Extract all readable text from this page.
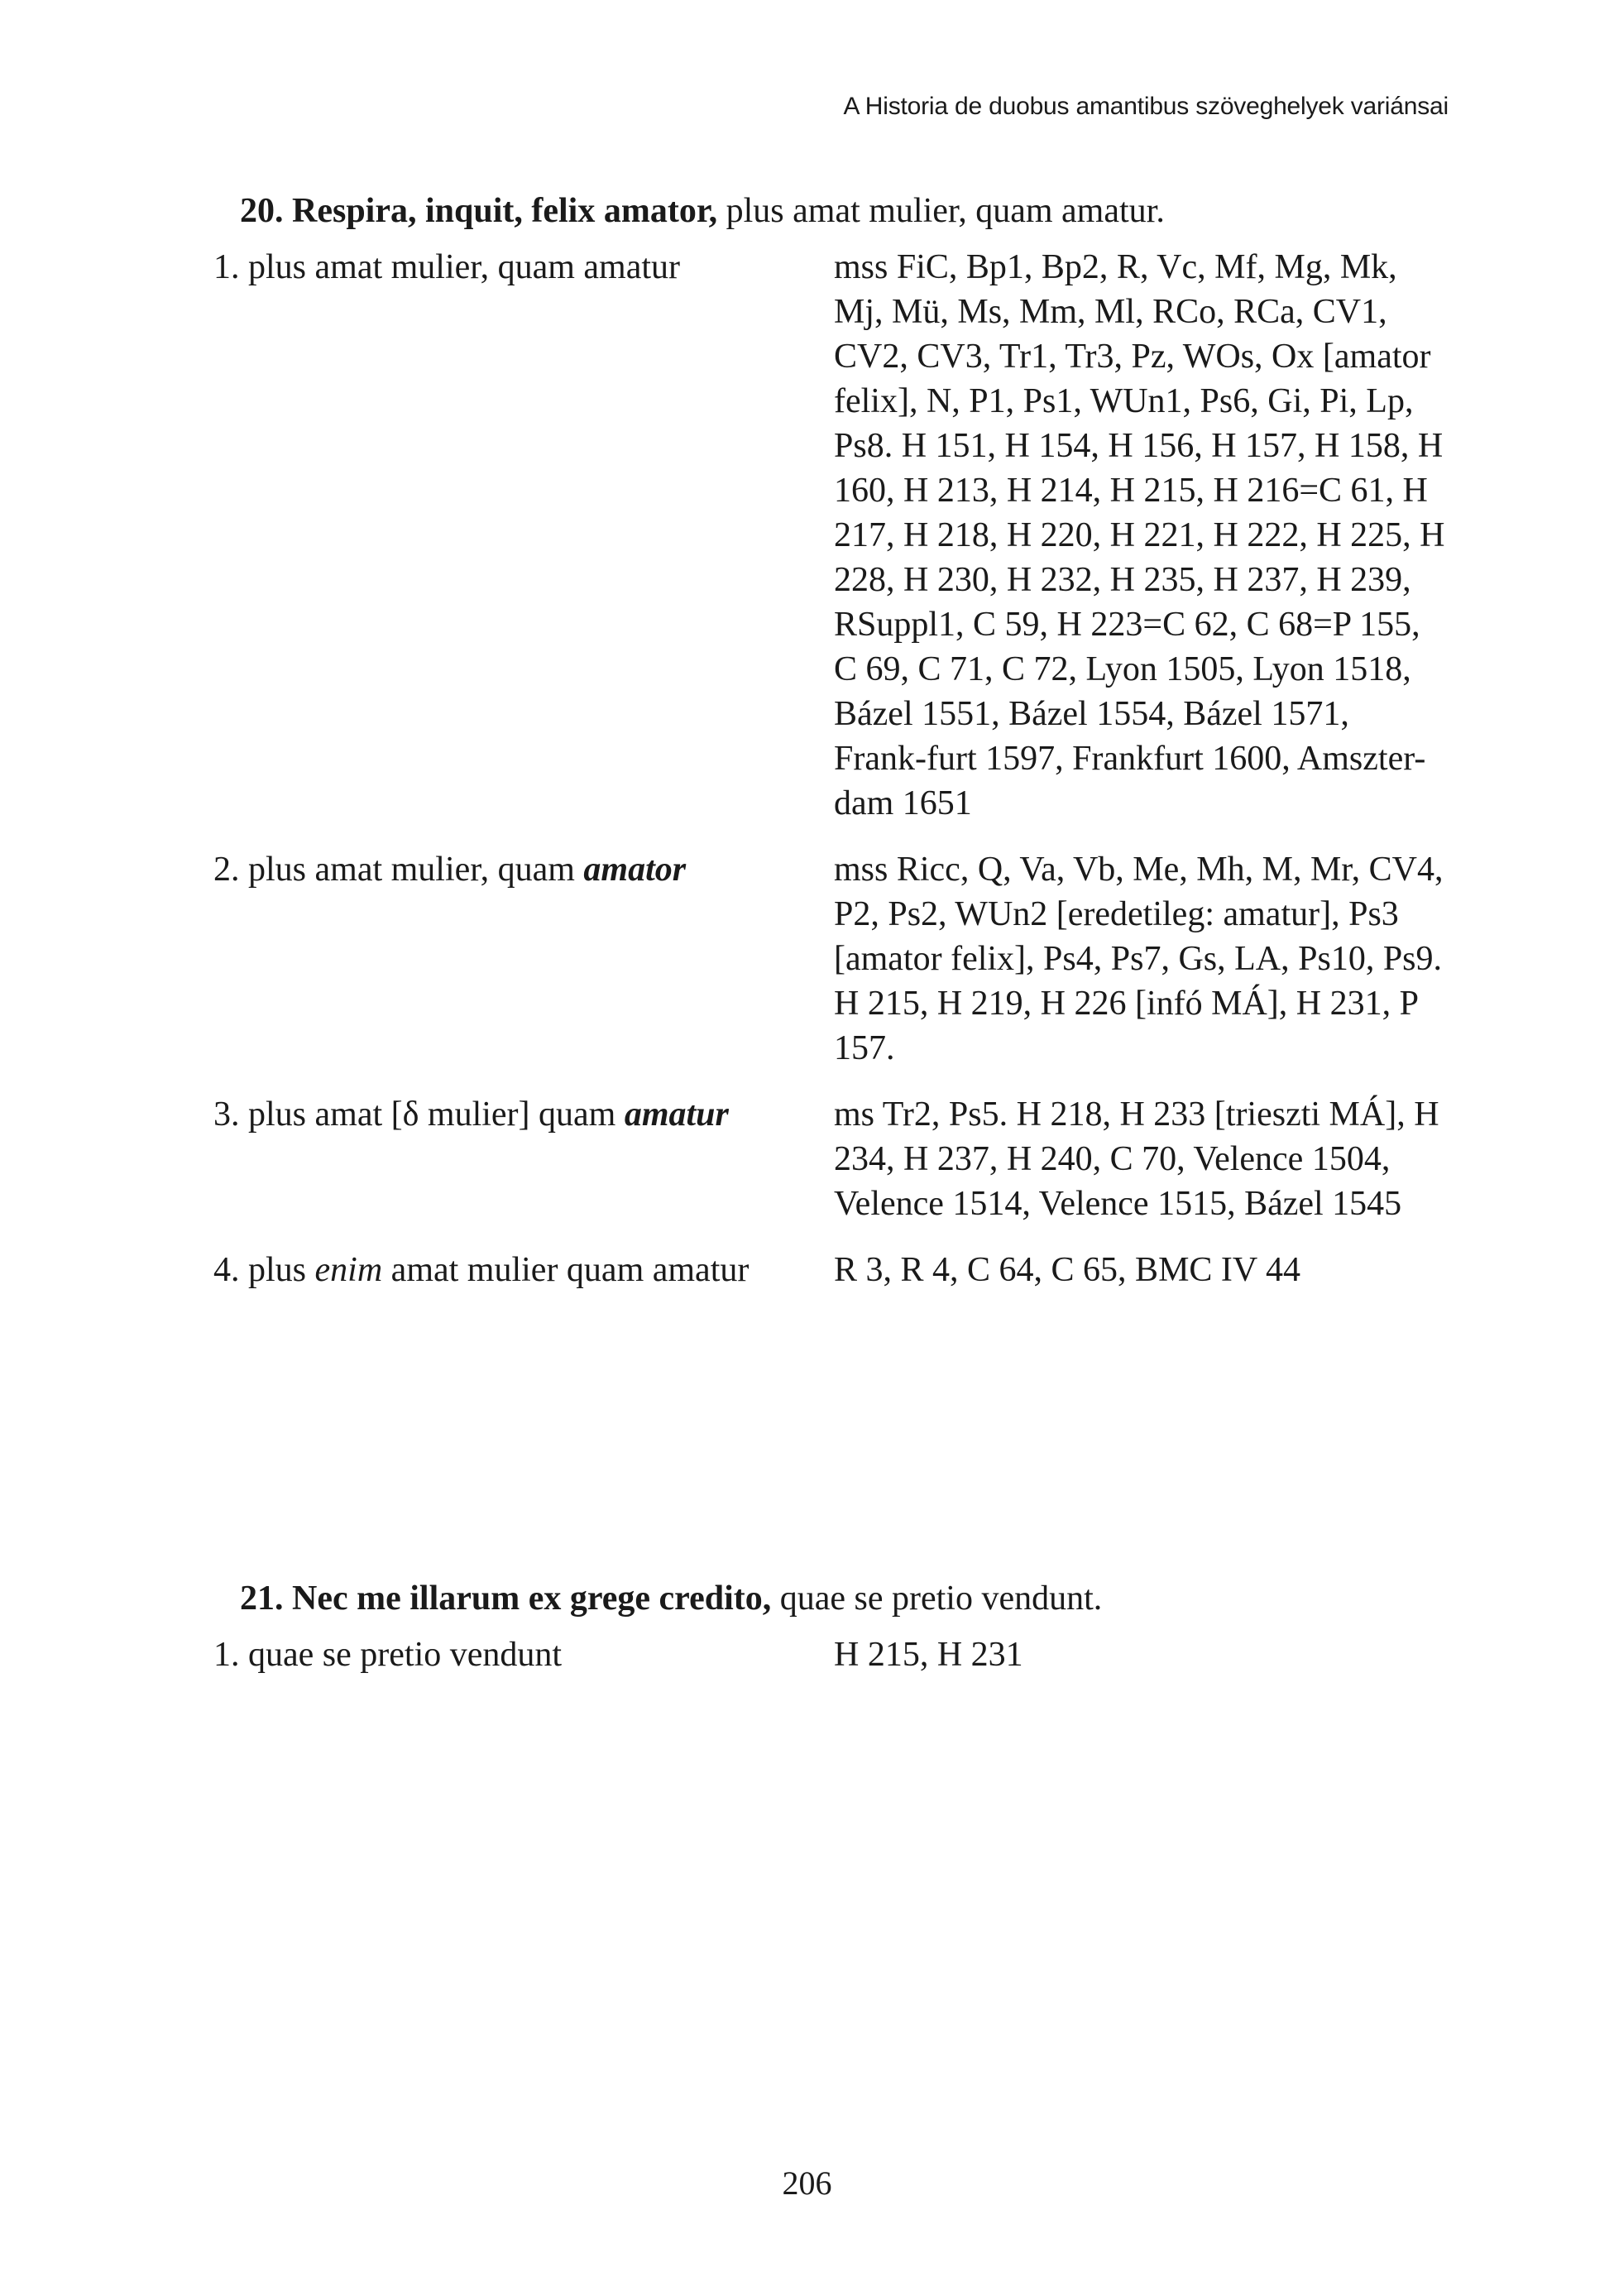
A Historia de duobus amantibus szöveghelyek variánsai

20. Respira, inquit, felix amator, plus amat mulier, quam amatur.

1. plus amat mulier, quam amatur	mss FiC, Bp1, Bp2, R, Vc, Mf, Mg, Mk, Mj, Mü, Ms, Mm, Ml, RCo, RCa, CV1, CV2, CV3, Tr1, Tr3, Pz, WOs, Ox [amator felix], N, P1, Ps1, WUn1, Ps6, Gi, Pi, Lp, Ps8. H 151, H 154, H 156, H 157, H 158, H 160, H 213, H 214, H 215, H 216=C 61, H 217, H 218, H 220, H 221, H 222, H 225, H 228, H 230, H 232, H 235, H 237, H 239, RSuppl1, C 59, H 223=C 62, C 68=P 155, C 69, C 71, C 72, Lyon 1505, Lyon 1518, Bázel 1551, Bázel 1554, Bázel 1571, Frank-furt 1597, Frankfurt 1600, Amszter-dam 1651
2. plus amat mulier, quam amator	mss Ricc, Q, Va, Vb, Me, Mh, M, Mr, CV4, P2, Ps2, WUn2 [eredetileg: amatur], Ps3 [amator felix], Ps4, Ps7, Gs, LA, Ps10, Ps9. H 215, H 219, H 226 [infó MÁ], H 231, P 157.
3. plus amat [δ mulier] quam amatur	ms Tr2, Ps5. H 218, H 233 [trieszti MÁ], H 234, H 237, H 240, C 70, Velence 1504, Velence 1514, Velence 1515, Bázel 1545
4. plus enim amat mulier quam amatur	R 3, R 4, C 64, C 65, BMC IV 44

21. Nec me illarum ex grege credito, quae se pretio vendunt.

1. quae se pretio vendunt	H 215, H 231
206
